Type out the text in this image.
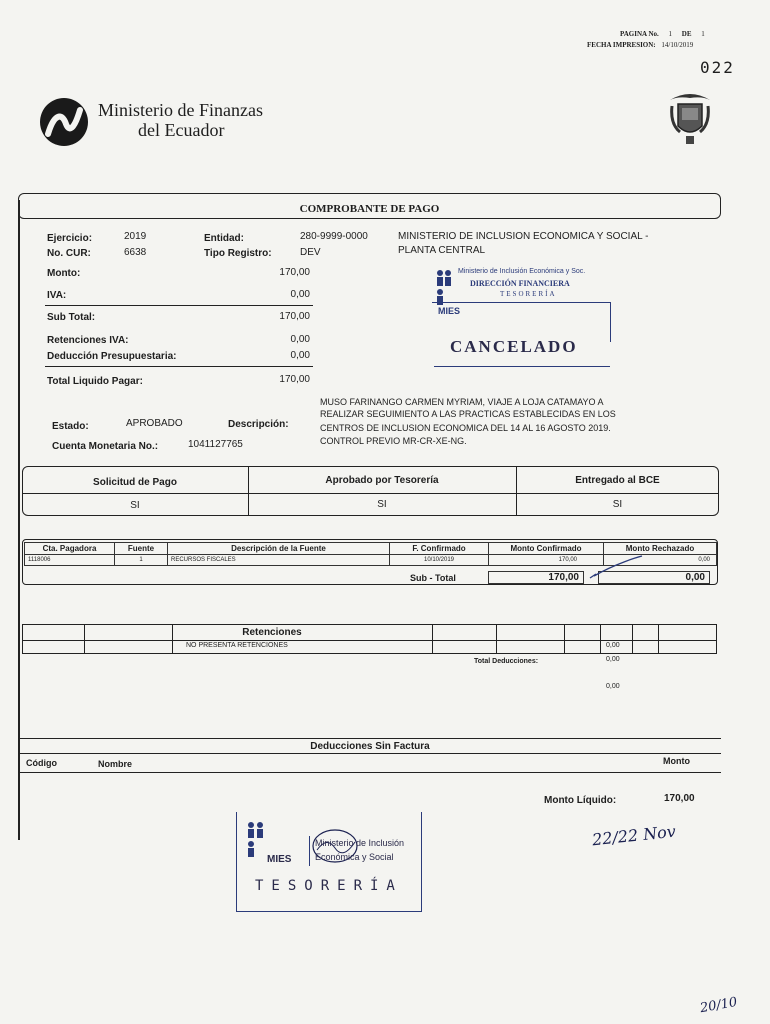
PAGINA No. 1 DE 1
FECHA IMPRESION: 14/10/2019
022
Ministerio de Finanzas
del Ecuador
COMPROBANTE DE PAGO
Ejercicio:	2019
No. CUR:	6638
Entidad:	280-9999-0000
Tipo Registro:	DEV
MINISTERIO DE INCLUSION ECONOMICA Y SOCIAL -
PLANTA CENTRAL
Monto:	170,00
IVA:	0,00
Sub Total:	170,00
Retenciones IVA:	0,00
Deducción Presupuestaria:	0,00
Total Liquido Pagar:	170,00
Ministerio de Inclusión Económica y Soc.
DIRECCIÓN FINANCIERA
TESORERÍA
MIES
CANCELADO
Estado:	APROBADO	Descripción:
MUSO FARINANGO CARMEN MYRIAM, VIAJE A LOJA CATAMAYO A
REALIZAR SEGUIMIENTO A LAS PRACTICAS ESTABLECIDAS EN LOS
CENTROS DE INCLUSION ECONOMICA DEL 14 AL 16 AGOSTO 2019.
CONTROL PREVIO MR-CR-XE-NG.
Cuenta Monetaria No.:	1041127765
Solicitud de Pago	Aprobado por Tesorería	Entregado al BCE
SI	SI	SI
Cta. Pagadora	Fuente	Descripción de la Fuente	F. Confirmado	Monto Confirmado	Monto Rechazado
1118006	1	RECURSOS FISCALES	10/10/2019	170,00	0,00
Sub - Total	170,00	0,00
Retenciones
NO PRESENTA RETENCIONES	0,00
Total Deducciones:	0,00
0,00
Deducciones Sin Factura
Código	Nombre	Monto
Monto Líquido:	170,00
22/22 Nov
MIES
Ministerio de Inclusión
Económica y Social
TESORERÍA
20/10
